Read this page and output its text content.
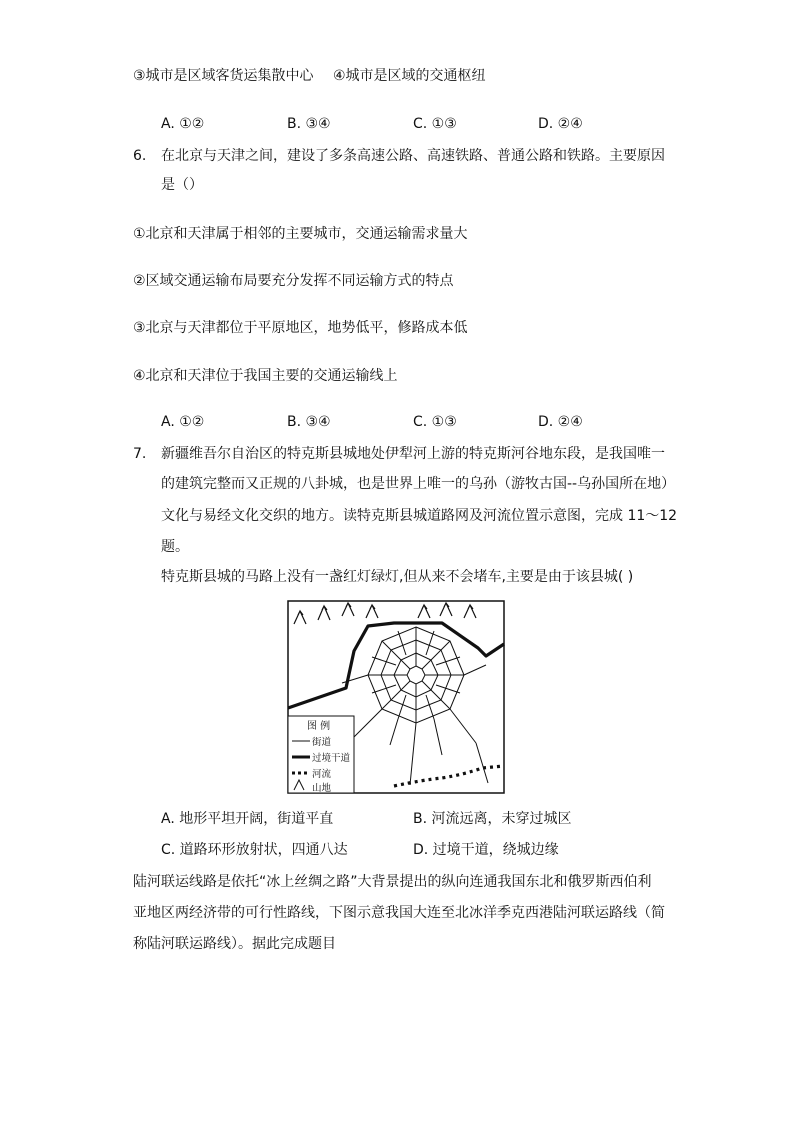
③城市是区域客货运集散中心 ④城市是区域的交通枢纽
A. ①②	B. ③④	C. ①③	D. ②④
6. 在北京与天津之间，建设了多条高速公路、高速铁路、普通公路和铁路。主要原因
是（）
①北京和天津属于相邻的主要城市，交通运输需求量大
②区域交通运输布局要充分发挥不同运输方式的特点
③北京与天津都位于平原地区，地势低平，修路成本低
④北京和天津位于我国主要的交通运输线上
A. ①②	B. ③④	C. ①③	D. ②④
7. 新疆维吾尔自治区的特克斯县城地处伊犁河上游的特克斯河谷地东段，是我国唯一
的建筑完整而又正规的八卦城，也是世界上唯一的乌孙（游牧古国--乌孙国所在地）
文化与易经文化交织的地方。读特克斯县城道路网及河流位置示意图，完成 11～12
题。
特克斯县城的马路上没有一盏红灯绿灯,但从来不会堵车,主要是由于该县城( )
图 例
街道
过境干道
河流
山地
A. 地形平坦开阔，街道平直	B. 河流远离，未穿过城区
C. 道路环形放射状，四通八达	D. 过境干道，绕城边缘
陆河联运线路是依托“冰上丝绸之路”大背景提出的纵向连通我国东北和俄罗斯西伯利
亚地区两经济带的可行性路线，下图示意我国大连至北冰洋季克西港陆河联运路线（简
称陆河联运路线）。据此完成题目
